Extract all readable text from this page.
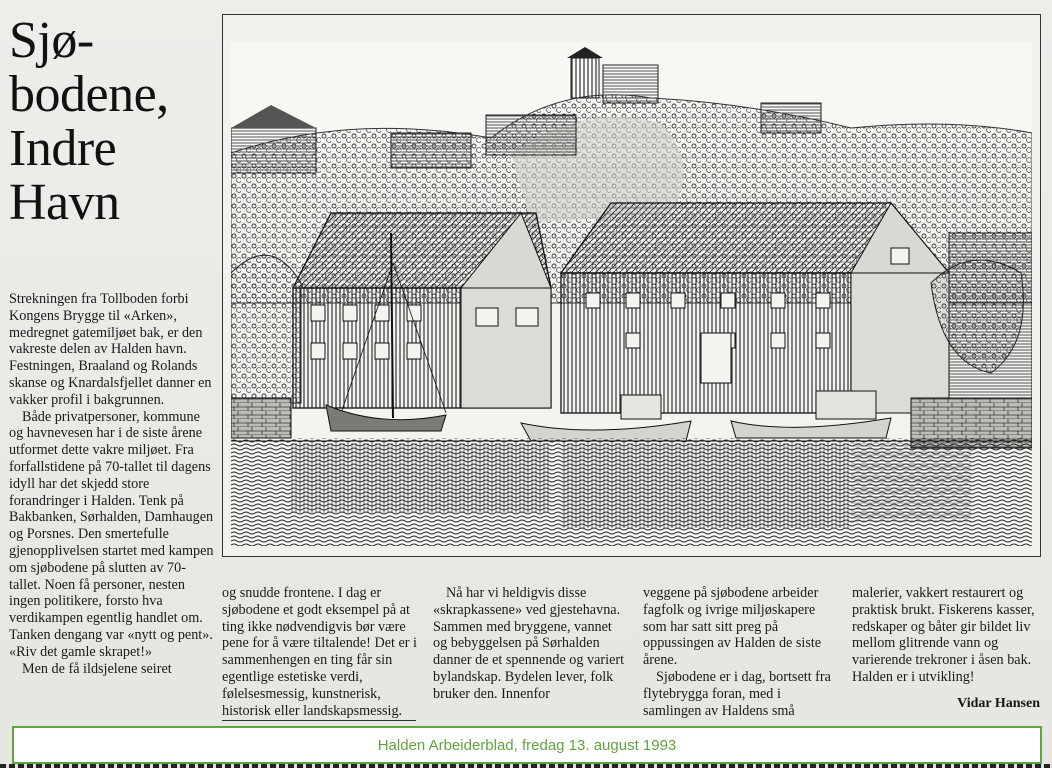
Sjø-
bodene,
Indre
Havn

Strekningen fra Tollboden forbi Kongens Brygge til «Arken», medregnet gatemiljøet bak, er den vakreste delen av Halden havn. Festningen, Braaland og Rolands skanse og Knardalsfjellet danner en vakker profil i bakgrunnen.

Både privatpersoner, kommune og havnevesen har i de siste årene utformet dette vakre miljøet. Fra forfallstidene på 70-tallet til dagens idyll har det skjedd store forandringer i Halden. Tenk på Bakbanken, Sørhalden, Damhaugen og Porsnes. Den smertefulle gjenopplivelsen startet med kampen om sjøbodene på slutten av 70-tallet. Noen få personer, nesten ingen politikere, forsto hva verdikampen egentlig handlet om. Tanken dengang var «nytt og pent». «Riv det gamle skrapet!»

Men de få ildsjelene seiret

og snudde frontene. I dag er sjøbodene et godt eksempel på at ting ikke nødvendigvis bør være pene for å være tiltalende! Det er i sammenhengen en ting får sin egentlige estetiske verdi, følelsesmessig, kunstnerisk, historisk eller landskapsmessig.

Nå har vi heldigvis disse «skrapkassene» ved gjestehavna. Sammen med bryggene, vannet og bebyggelsen på Sørhalden danner de et spennende og variert bylandskap. Bydelen lever, folk bruker den. Innenfor

veggene på sjøbodene arbeider fagfolk og ivrige miljøskapere som har satt sitt preg på oppussingen av Halden de siste årene.

Sjøbodene er i dag, bortsett fra flytebrygga foran, med i samlingen av Haldens små

malerier, vakkert restaurert og praktisk brukt. Fiskerens kasser, redskaper og båter gir bildet liv mellom glitrende vann og varierende trekroner i åsen bak. Halden er i utvikling!

Vidar Hansen
Halden Arbeiderblad, fredag 13. august 1993
